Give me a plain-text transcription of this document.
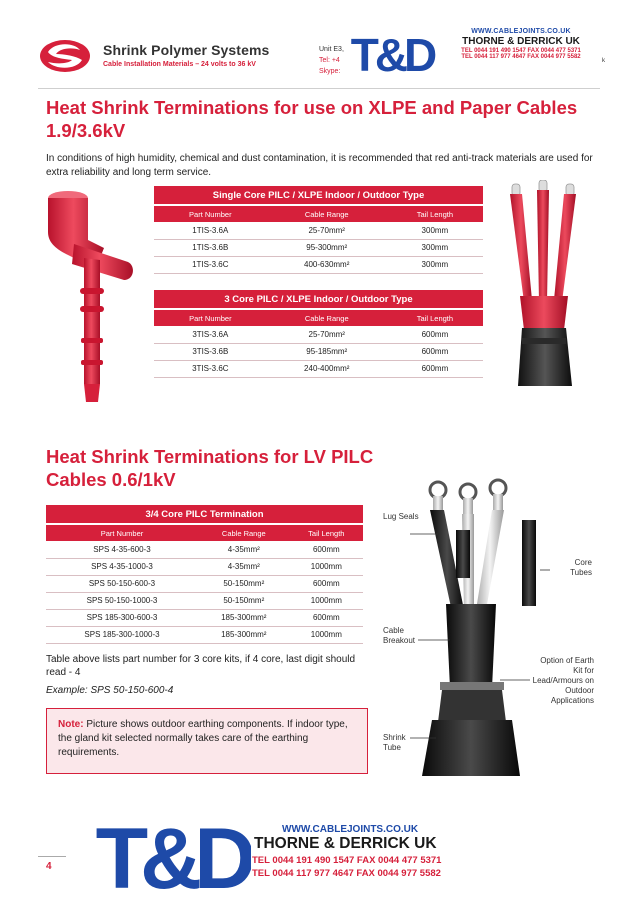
Shrink Polymer Systems
Cable Installation Materials – 24 volts to 36 kV
Unit E3,
Tel: +4
Skype: T&D	WWW.CABLEJOINTS.CO.UK
THORNE & DERRICK UK
TEL 0044 191 490 1547 FAX 0044 477 5371
TEL 0044 117 977 4647 FAX 0044 977 5582
k
Heat Shrink Terminations for use on XLPE and Paper Cables 1.9/3.6kV

In conditions of high humidity, chemical and dust contamination, it is recommended that red anti-track materials are used for extra reliability and long term service.

Single Core PILC / XLPE Indoor / Outdoor Type		
Part Number	Cable Range	Tail Length
1TIS-3.6A	25-70mm²	300mm
1TIS-3.6B	95-300mm²	300mm
1TIS-3.6C	400-630mm²	300mm
3 Core PILC / XLPE Indoor / Outdoor Type		
Part Number	Cable Range	Tail Length
3TIS-3.6A	25-70mm²	600mm
3TIS-3.6B	95-185mm²	600mm
3TIS-3.6C	240-400mm²	600mm
Heat Shrink Terminations for LV PILC Cables 0.6/1kV
3/4 Core PILC Termination		
Part Number	Cable Range	Tail Length
SPS 4-35-600-3	4-35mm²	600mm
SPS 4-35-1000-3	4-35mm²	1000mm
SPS 50-150-600-3	50-150mm²	600mm
SPS 50-150-1000-3	50-150mm²	1000mm
SPS 185-300-600-3	185-300mm²	600mm
SPS 185-300-1000-3	185-300mm²	1000mm
Table above lists part number for 3 core kits, if 4 core, last digit should read - 4
Example: SPS 50-150-600-4
Note: Picture shows outdoor earthing components. If indoor type, the gland kit selected normally takes care of the earthing requirements.
Lug Seals
Core Tubes
Cable Breakout
Option of Earth Kit for Lead/Armours on Outdoor Applications
Shrink Tube
T&D	WWW.CABLEJOINTS.CO.UK
THORNE & DERRICK UK
TEL 0044 191 490 1547 FAX 0044 477 5371
TEL 0044 117 977 4647 FAX 0044 977 5582
4
